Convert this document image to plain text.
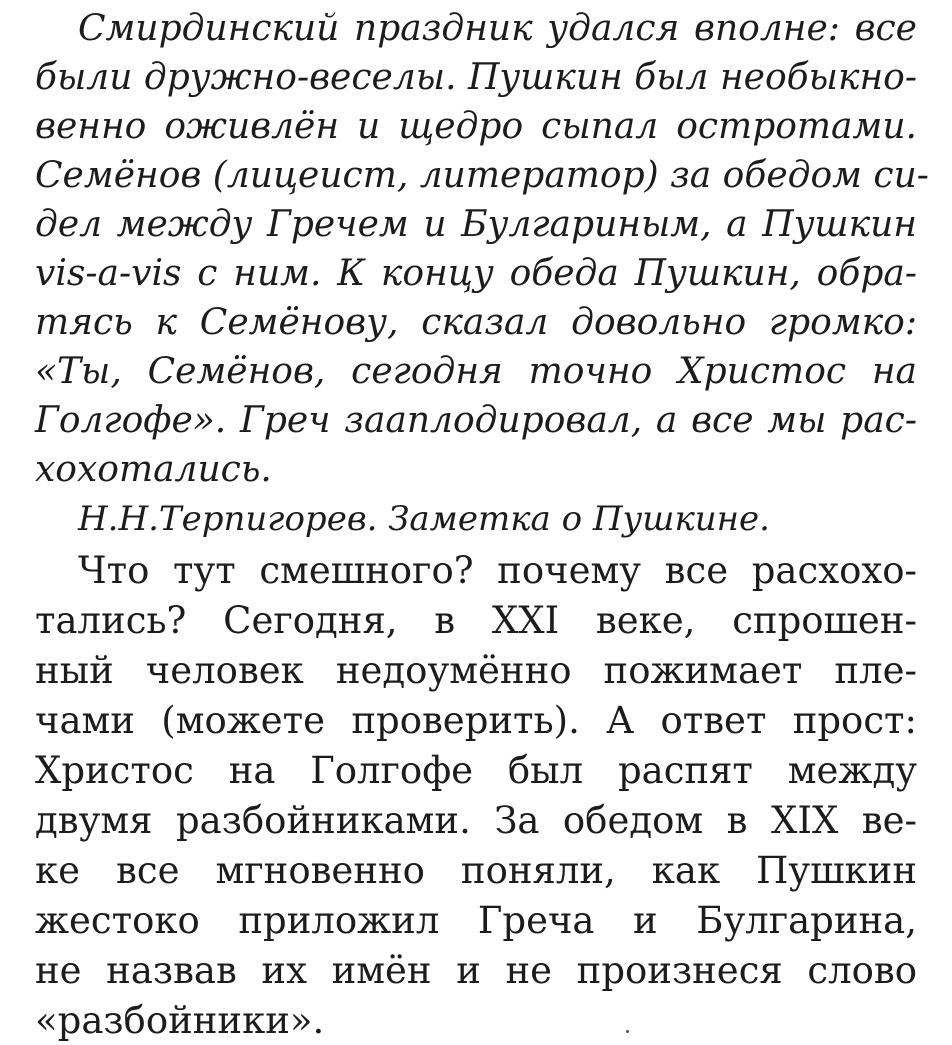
Смирдинский праздник удался вполне: все
были дружно-веселы. Пушкин был необыкно-
венно оживлён и щедро сыпал остротами.
Семёнов (лицеист, литератор) за обедом си-
дел между Гречем и Булгариным, а Пушкин
vis-a-vis с ним. К концу обеда Пушкин, обра-
тясь к Семёнову, сказал довольно громко:
«Ты, Семёнов, сегодня точно Христос на
Голгофе». Греч зааплодировал, а все мы рас-
хохотались.
Н.Н.Терпигорев. Заметка о Пушкине.
Что тут смешного? почему все расхохо-
тались? Сегодня, в XXI веке, спрошен-
ный человек недоумённо пожимает пле-
чами (можете проверить). А ответ прост:
Христос на Голгофе был распят между
двумя разбойниками. За обедом в XIX ве-
ке все мгновенно поняли, как Пушкин
жестоко приложил Греча и Булгарина,
не назвав их имён и не произнеся слово
«разбойники».
